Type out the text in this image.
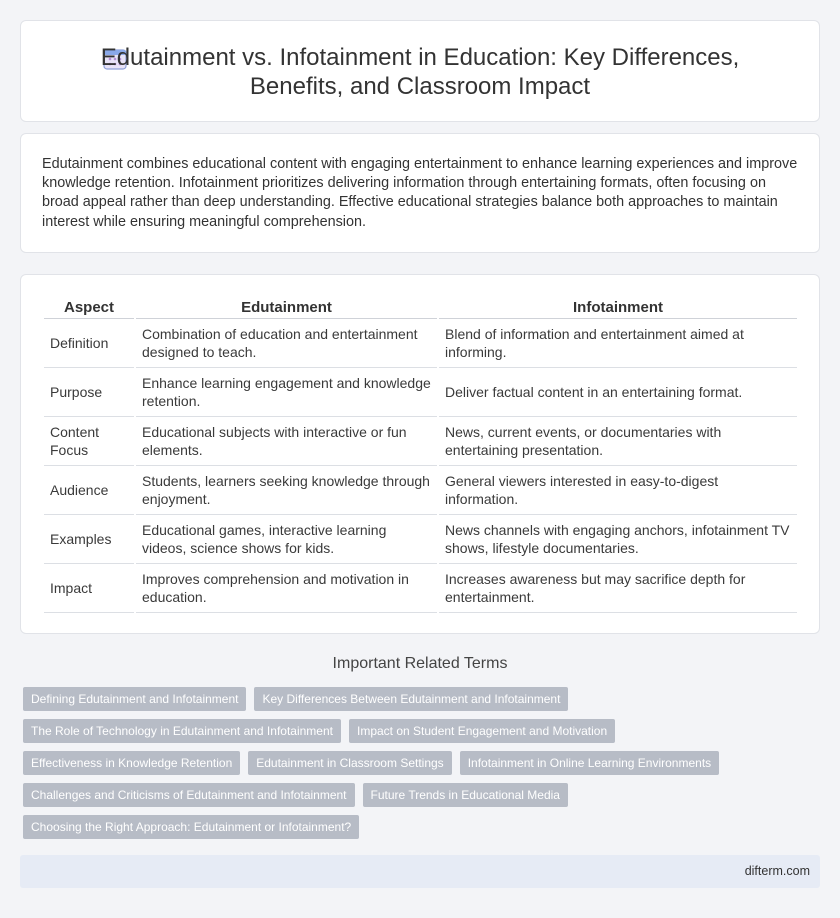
Edutainment vs. Infotainment in Education: Key Differences, Benefits, and Classroom Impact

Edutainment combines educational content with engaging entertainment to enhance learning experiences and improve knowledge retention. Infotainment prioritizes delivering information through entertaining formats, often focusing on broad appeal rather than deep understanding. Effective educational strategies balance both approaches to maintain interest while ensuring meaningful comprehension.

Aspect	Edutainment	Infotainment
Definition	Combination of education and entertainment designed to teach.	Blend of information and entertainment aimed at informing.
Purpose	Enhance learning engagement and knowledge retention.	Deliver factual content in an entertaining format.
Content Focus	Educational subjects with interactive or fun elements.	News, current events, or documentaries with entertaining presentation.
Audience	Students, learners seeking knowledge through enjoyment.	General viewers interested in easy-to-digest information.
Examples	Educational games, interactive learning videos, science shows for kids.	News channels with engaging anchors, infotainment TV shows, lifestyle documentaries.
Impact	Improves comprehension and motivation in education.	Increases awareness but may sacrifice depth for entertainment.
Important Related Terms
Defining Edutainment and Infotainment	Key Differences Between Edutainment and Infotainment
The Role of Technology in Edutainment and Infotainment	Impact on Student Engagement and Motivation
Effectiveness in Knowledge Retention	Edutainment in Classroom Settings	Infotainment in Online Learning Environments
Challenges and Criticisms of Edutainment and Infotainment	Future Trends in Educational Media
Choosing the Right Approach: Edutainment or Infotainment?
difterm.com
